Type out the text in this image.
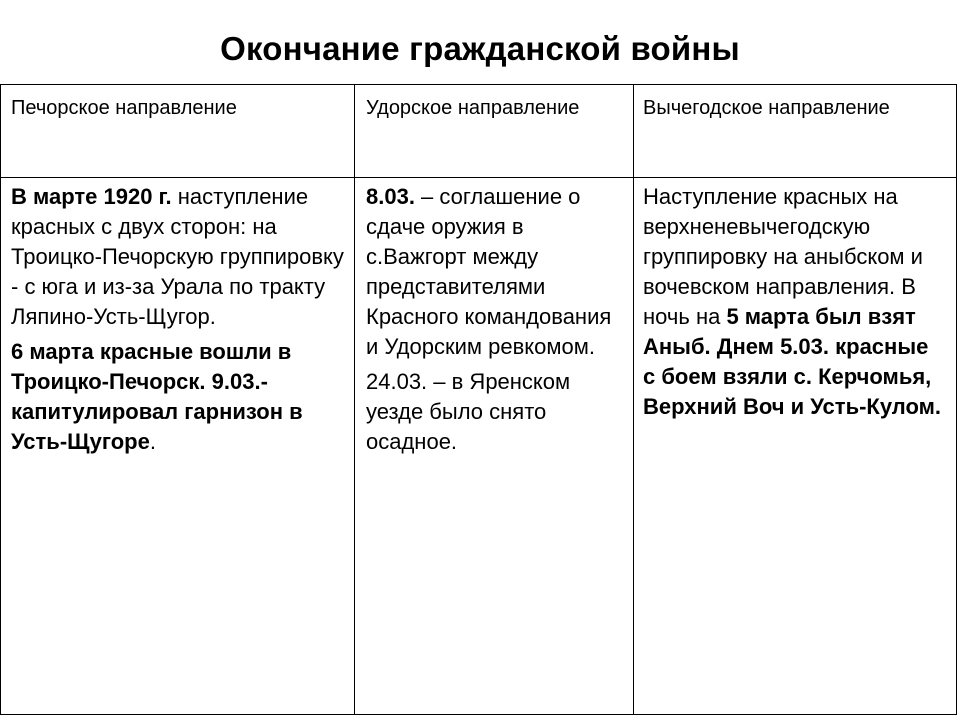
Окончание гражданской войны
Печорское направление	Удорское направление	Вычегодское направление

В марте 1920 г. наступление красных с двух сторон: на Троицко-Печорскую группировку - с юга и из-за Урала по тракту Ляпино-Усть-Щугор.

6 марта красные вошли в Троицко-Печорск. 9.03.- капитулировал гарнизон в Усть-Щугоре.

8.03. – соглашение о сдаче оружия в с.Важгорт между представителями Красного командования и Удорским ревкомом.

24.03. – в Яренском уезде было снято осадное.

Наступление красных на верхненевычегодскую группировку на аныбском и вочевском направления. В ночь на 5 марта был взят Аныб. Днем 5.03. красные с боем взяли с. Керчомья, Верхний Воч и Усть-Кулом.
